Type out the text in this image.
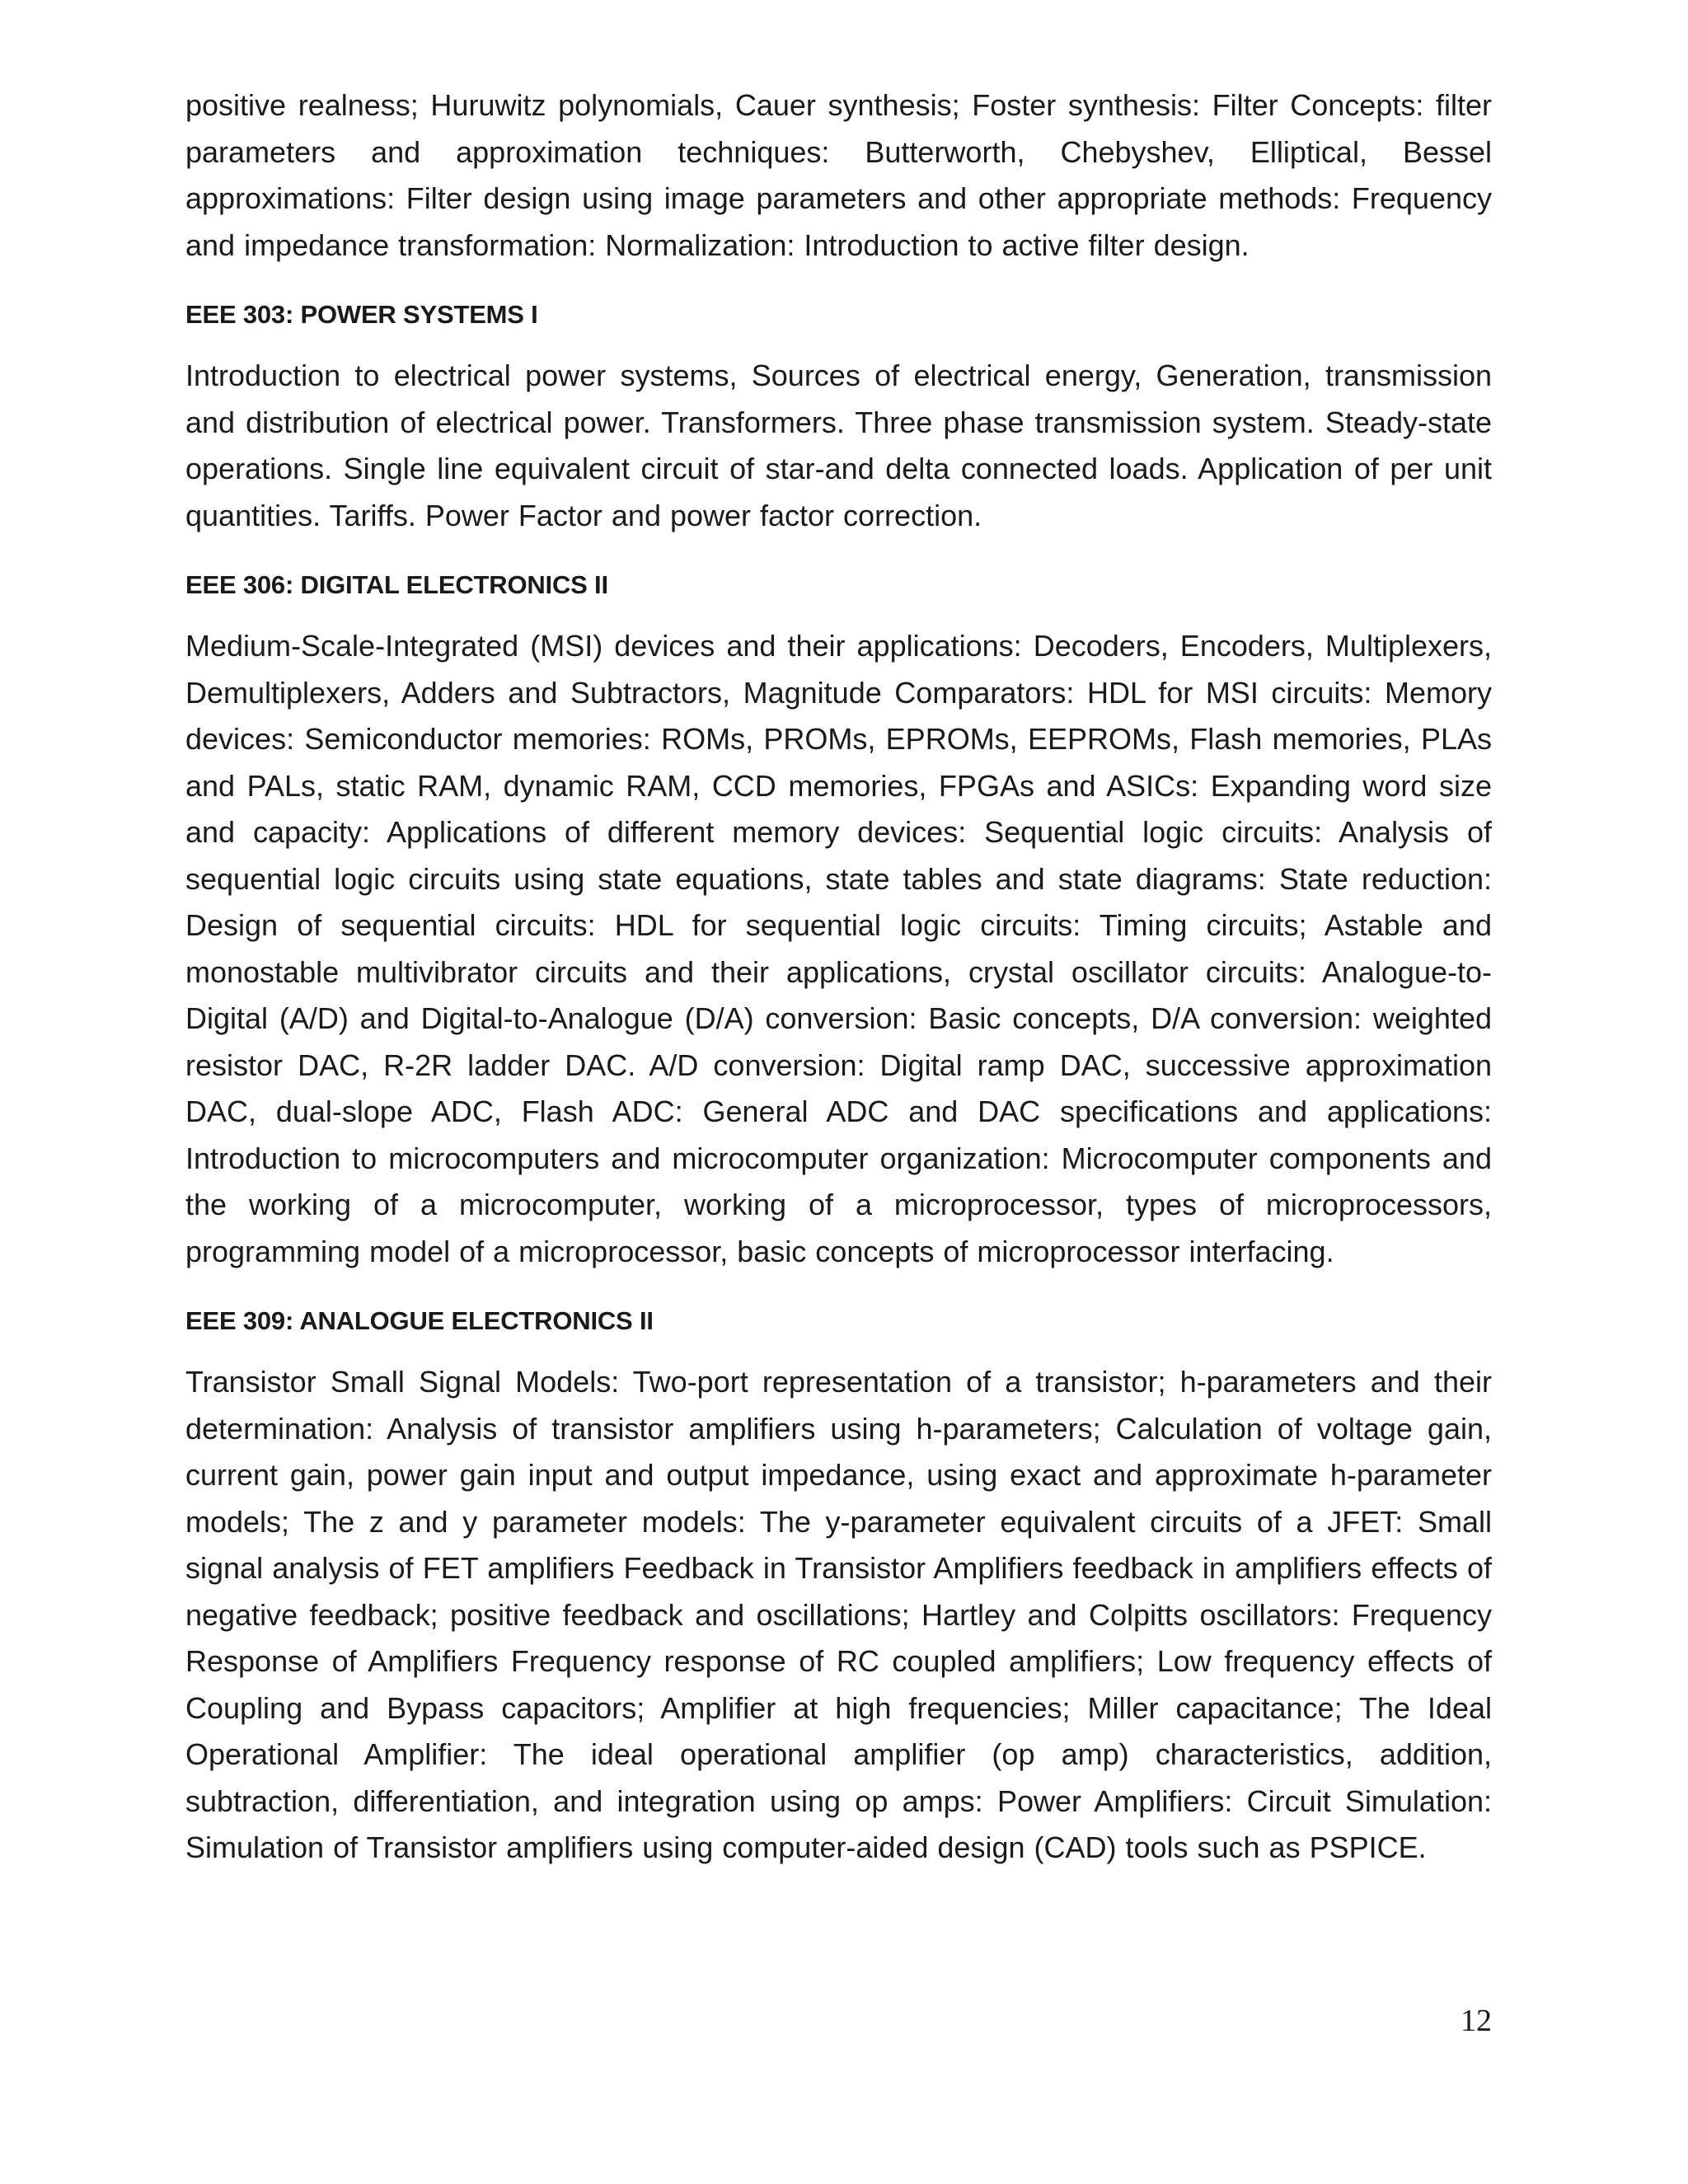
positive realness; Huruwitz polynomials, Cauer synthesis; Foster synthesis: Filter Concepts: filter parameters and approximation techniques: Butterworth, Chebyshev, Elliptical, Bessel approximations: Filter design using image parameters and other appropriate methods: Frequency and impedance transformation: Normalization: Introduction to active filter design.

EEE 303: POWER SYSTEMS I

Introduction to electrical power systems, Sources of electrical energy, Generation, transmission and distribution of electrical power. Transformers. Three phase transmission system. Steady-state operations. Single line equivalent circuit of star-and delta connected loads. Application of per unit quantities. Tariffs. Power Factor and power factor correction.

EEE 306: DIGITAL ELECTRONICS II

Medium-Scale-Integrated (MSI) devices and their applications: Decoders, Encoders, Multiplexers, Demultiplexers, Adders and Subtractors, Magnitude Comparators: HDL for MSI circuits: Memory devices: Semiconductor memories: ROMs, PROMs, EPROMs, EEPROMs, Flash memories, PLAs and PALs, static RAM, dynamic RAM, CCD memories, FPGAs and ASICs: Expanding word size and capacity: Applications of different memory devices: Sequential logic circuits: Analysis of sequential logic circuits using state equations, state tables and state diagrams: State reduction: Design of sequential circuits: HDL for sequential logic circuits: Timing circuits; Astable and monostable multivibrator circuits and their applications, crystal oscillator circuits: Analogue-to-Digital (A/D) and Digital-to-Analogue (D/A) conversion: Basic concepts, D/A conversion: weighted resistor DAC, R-2R ladder DAC. A/D conversion: Digital ramp DAC, successive approximation DAC, dual-slope ADC, Flash ADC: General ADC and DAC specifications and applications: Introduction to microcomputers and microcomputer organization: Microcomputer components and the working of a microcomputer, working of a microprocessor, types of microprocessors, programming model of a microprocessor, basic concepts of microprocessor interfacing.

EEE 309: ANALOGUE ELECTRONICS II

Transistor Small Signal Models: Two-port representation of a transistor; h-parameters and their determination: Analysis of transistor amplifiers using h-parameters; Calculation of voltage gain, current gain, power gain input and output impedance, using exact and approximate h-parameter models; The z and y parameter models: The y-parameter equivalent circuits of a JFET: Small signal analysis of FET amplifiers Feedback in Transistor Amplifiers feedback in amplifiers effects of negative feedback; positive feedback and oscillations; Hartley and Colpitts oscillators: Frequency Response of Amplifiers Frequency response of RC coupled amplifiers; Low frequency effects of Coupling and Bypass capacitors; Amplifier at high frequencies; Miller capacitance; The Ideal Operational Amplifier: The ideal operational amplifier (op amp) characteristics, addition, subtraction, differentiation, and integration using op amps: Power Amplifiers: Circuit Simulation: Simulation of Transistor amplifiers using computer-aided design (CAD) tools such as PSPICE.

12
